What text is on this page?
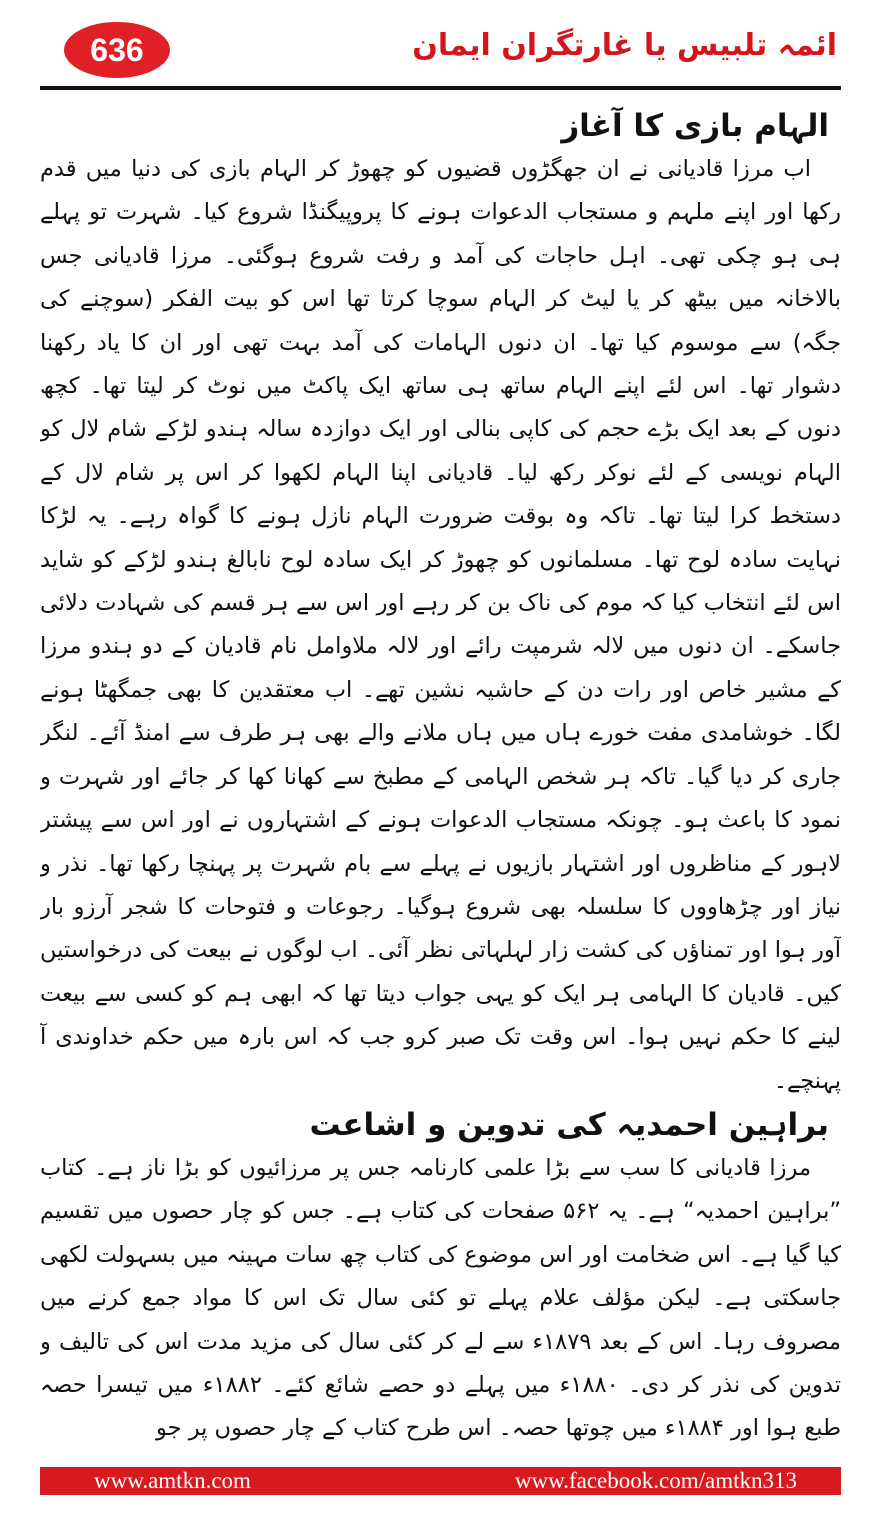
636	ائمہ تلبیس یا غارتگران ایمان
الہام بازی کا آغاز

اب مرزا قادیانی نے ان جھگڑوں قضیوں کو چھوڑ کر الہام بازی کی دنیا میں قدم رکھا اور اپنے ملہم و مستجاب الدعوات ہونے کا پروپیگنڈا شروع کیا۔ شہرت تو پہلے ہی ہو چکی تھی۔ اہل حاجات کی آمد و رفت شروع ہوگئی۔ مرزا قادیانی جس بالاخانہ میں بیٹھ کر یا لیٹ کر الہام سوچا کرتا تھا اس کو بیت الفکر (سوچنے کی جگہ) سے موسوم کیا تھا۔ ان دنوں الہامات کی آمد بہت تھی اور ان کا یاد رکھنا دشوار تھا۔ اس لئے اپنے الہام ساتھ ہی ساتھ ایک پاکٹ میں نوٹ کر لیتا تھا۔ کچھ دنوں کے بعد ایک بڑے حجم کی کاپی بنالی اور ایک دوازدہ سالہ ہندو لڑکے شام لال کو الہام نویسی کے لئے نوکر رکھ لیا۔ قادیانی اپنا الہام لکھوا کر اس پر شام لال کے دستخط کرا لیتا تھا۔ تاکہ وہ بوقت ضرورت الہام نازل ہونے کا گواہ رہے۔ یہ لڑکا نہایت سادہ لوح تھا۔ مسلمانوں کو چھوڑ کر ایک سادہ لوح نابالغ ہندو لڑکے کو شاید اس لئے انتخاب کیا کہ موم کی ناک بن کر رہے اور اس سے ہر قسم کی شہادت دلائی جاسکے۔ ان دنوں میں لالہ شرمپت رائے اور لالہ ملاوامل نام قادیان کے دو ہندو مرزا کے مشیر خاص اور رات دن کے حاشیہ نشین تھے۔ اب معتقدین کا بھی جمگھٹا ہونے لگا۔ خوشامدی مفت خورے ہاں میں ہاں ملانے والے بھی ہر طرف سے امنڈ آئے۔ لنگر جاری کر دیا گیا۔ تاکہ ہر شخص الہامی کے مطبخ سے کھانا کھا کر جائے اور شہرت و نمود کا باعث ہو۔ چونکہ مستجاب الدعوات ہونے کے اشتہاروں نے اور اس سے پیشتر لاہور کے مناظروں اور اشتہار بازیوں نے پہلے سے بام شہرت پر پہنچا رکھا تھا۔ نذر و نیاز اور چڑھاووں کا سلسلہ بھی شروع ہوگیا۔ رجوعات و فتوحات کا شجر آرزو بار آور ہوا اور تمناؤں کی کشت زار لہلہاتی نظر آئی۔ اب لوگوں نے بیعت کی درخواستیں کیں۔ قادیان کا الہامی ہر ایک کو یہی جواب دیتا تھا کہ ابھی ہم کو کسی سے بیعت لینے کا حکم نہیں ہوا۔ اس وقت تک صبر کرو جب کہ اس بارہ میں حکم خداوندی آ پہنچے۔

براہین احمدیہ کی تدوین و اشاعت

مرزا قادیانی کا سب سے بڑا علمی کارنامہ جس پر مرزائیوں کو بڑا ناز ہے۔ کتاب ”براہین احمدیہ“ ہے۔ یہ ۵۶۲ صفحات کی کتاب ہے۔ جس کو چار حصوں میں تقسیم کیا گیا ہے۔ اس ضخامت اور اس موضوع کی کتاب چھ سات مہینہ میں بسہولت لکھی جاسکتی ہے۔ لیکن مؤلف علام پہلے تو کئی سال تک اس کا مواد جمع کرنے میں مصروف رہا۔ اس کے بعد ۱۸۷۹ء سے لے کر کئی سال کی مزید مدت اس کی تالیف و تدوین کی نذر کر دی۔ ۱۸۸۰ء میں پہلے دو حصے شائع کئے۔ ۱۸۸۲ء میں تیسرا حصہ طبع ہوا اور ۱۸۸۴ء میں چوتھا حصہ۔ اس طرح کتاب کے چار حصوں پر جو

www.amtkn.com	www.facebook.com/amtkn313
